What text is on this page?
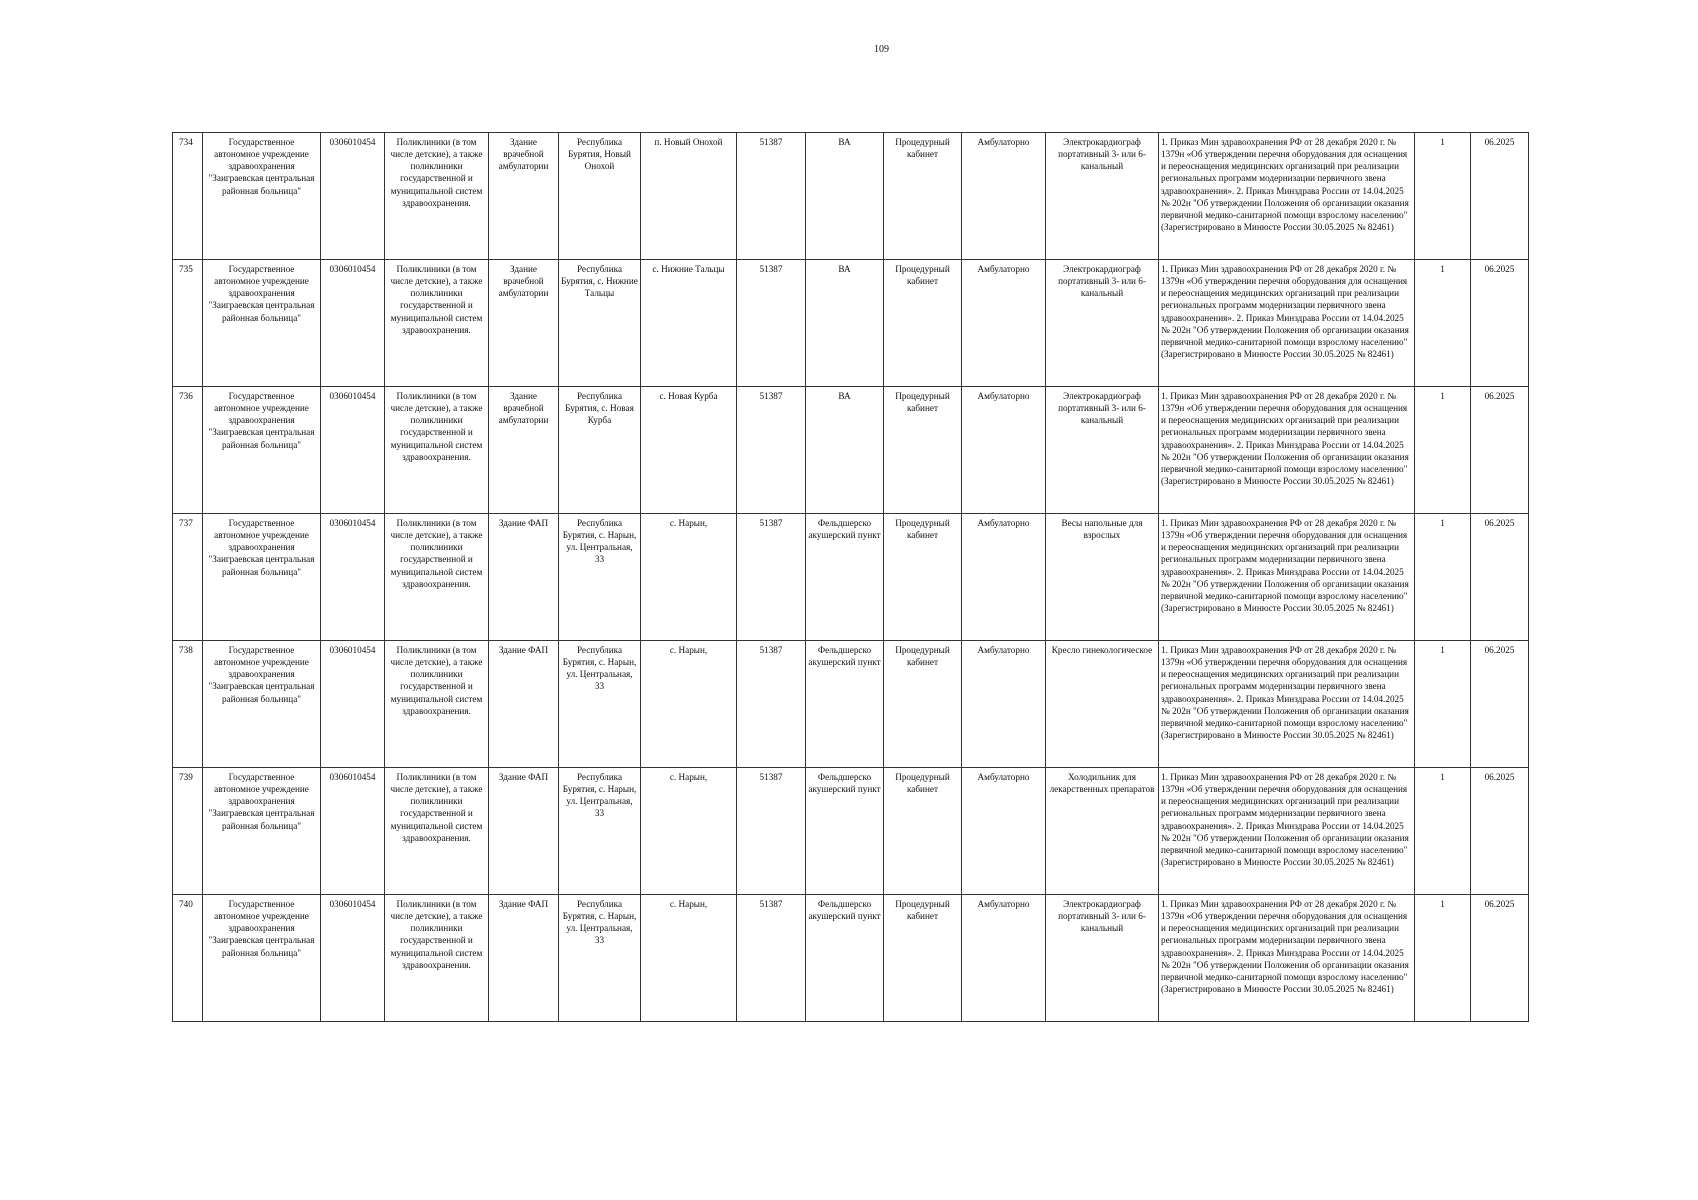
109
734	Государственное автономное учреждение здравоохранения "Заиграевская центральная районная больница"	0306010454	Поликлиники (в том числе детские), а также поликлиники государственной и муниципальной систем здравоохранения.	Здание врачебной амбулатории	Республика Бурятия, Новый Онохой	п. Новый Онохой	51387	ВА	Процедурный кабинет	Амбулаторно	Электрокардиограф портативный 3- или 6-канальный	1. Приказ Мин здравоохранения РФ от 28 декабря 2020 г. № 1379н «Об утверждении перечня оборудования для оснащения и переоснащения медицинских организаций при реализации региональных программ модернизации первичного звена здравоохранения». 2. Приказ Минздрава России от 14.04.2025 № 202н "Об утверждении Положения об организации оказания первичной медико-санитарной помощи взрослому населению" (Зарегистрировано в Минюсте России 30.05.2025 № 82461)	1	06.2025
735	Государственное автономное учреждение здравоохранения "Заиграевская центральная районная больница"	0306010454	Поликлиники (в том числе детские), а также поликлиники государственной и муниципальной систем здравоохранения.	Здание врачебной амбулатории	Республика Бурятия, с. Нижние Тальцы	с. Нижние Тальцы	51387	ВА	Процедурный кабинет	Амбулаторно	Электрокардиограф портативный 3- или 6-канальный	1. Приказ Мин здравоохранения РФ от 28 декабря 2020 г. № 1379н «Об утверждении перечня оборудования для оснащения и переоснащения медицинских организаций при реализации региональных программ модернизации первичного звена здравоохранения». 2. Приказ Минздрава России от 14.04.2025 № 202н "Об утверждении Положения об организации оказания первичной медико-санитарной помощи взрослому населению" (Зарегистрировано в Минюсте России 30.05.2025 № 82461)	1	06.2025
736	Государственное автономное учреждение здравоохранения "Заиграевская центральная районная больница"	0306010454	Поликлиники (в том числе детские), а также поликлиники государственной и муниципальной систем здравоохранения.	Здание врачебной амбулатории	Республика Бурятия, с. Новая Курба	с. Новая Курба	51387	ВА	Процедурный кабинет	Амбулаторно	Электрокардиограф портативный 3- или 6-канальный	1. Приказ Мин здравоохранения РФ от 28 декабря 2020 г. № 1379н «Об утверждении перечня оборудования для оснащения и переоснащения медицинских организаций при реализации региональных программ модернизации первичного звена здравоохранения». 2. Приказ Минздрава России от 14.04.2025 № 202н "Об утверждении Положения об организации оказания первичной медико-санитарной помощи взрослому населению" (Зарегистрировано в Минюсте России 30.05.2025 № 82461)	1	06.2025
737	Государственное автономное учреждение здравоохранения "Заиграевская центральная районная больница"	0306010454	Поликлиники (в том числе детские), а также поликлиники государственной и муниципальной систем здравоохранения.	Здание ФАП	Республика Бурятия, с. Нарын, ул. Центральная, 33	с. Нарын,	51387	Фельдшерско акушерский пункт	Процедурный кабинет	Амбулаторно	Весы напольные для взрослых	1. Приказ Мин здравоохранения РФ от 28 декабря 2020 г. № 1379н «Об утверждении перечня оборудования для оснащения и переоснащения медицинских организаций при реализации региональных программ модернизации первичного звена здравоохранения». 2. Приказ Минздрава России от 14.04.2025 № 202н "Об утверждении Положения об организации оказания первичной медико-санитарной помощи взрослому населению" (Зарегистрировано в Минюсте России 30.05.2025 № 82461)	1	06.2025
738	Государственное автономное учреждение здравоохранения "Заиграевская центральная районная больница"	0306010454	Поликлиники (в том числе детские), а также поликлиники государственной и муниципальной систем здравоохранения.	Здание ФАП	Республика Бурятия, с. Нарын, ул. Центральная, 33	с. Нарын,	51387	Фельдшерско акушерский пункт	Процедурный кабинет	Амбулаторно	Кресло гинекологическое	1. Приказ Мин здравоохранения РФ от 28 декабря 2020 г. № 1379н «Об утверждении перечня оборудования для оснащения и переоснащения медицинских организаций при реализации региональных программ модернизации первичного звена здравоохранения». 2. Приказ Минздрава России от 14.04.2025 № 202н "Об утверждении Положения об организации оказания первичной медико-санитарной помощи взрослому населению" (Зарегистрировано в Минюсте России 30.05.2025 № 82461)	1	06.2025
739	Государственное автономное учреждение здравоохранения "Заиграевская центральная районная больница"	0306010454	Поликлиники (в том числе детские), а также поликлиники государственной и муниципальной систем здравоохранения.	Здание ФАП	Республика Бурятия, с. Нарын, ул. Центральная, 33	с. Нарын,	51387	Фельдшерско акушерский пункт	Процедурный кабинет	Амбулаторно	Холодильник для лекарственных препаратов	1. Приказ Мин здравоохранения РФ от 28 декабря 2020 г. № 1379н «Об утверждении перечня оборудования для оснащения и переоснащения медицинских организаций при реализации региональных программ модернизации первичного звена здравоохранения». 2. Приказ Минздрава России от 14.04.2025 № 202н "Об утверждении Положения об организации оказания первичной медико-санитарной помощи взрослому населению" (Зарегистрировано в Минюсте России 30.05.2025 № 82461)	1	06.2025
740	Государственное автономное учреждение здравоохранения "Заиграевская центральная районная больница"	0306010454	Поликлиники (в том числе детские), а также поликлиники государственной и муниципальной систем здравоохранения.	Здание ФАП	Республика Бурятия, с. Нарын, ул. Центральная, 33	с. Нарын,	51387	Фельдшерско акушерский пункт	Процедурный кабинет	Амбулаторно	Электрокардиограф портативный 3- или 6-канальный	1. Приказ Мин здравоохранения РФ от 28 декабря 2020 г. № 1379н «Об утверждении перечня оборудования для оснащения и переоснащения медицинских организаций при реализации региональных программ модернизации первичного звена здравоохранения». 2. Приказ Минздрава России от 14.04.2025 № 202н "Об утверждении Положения об организации оказания первичной медико-санитарной помощи взрослому населению" (Зарегистрировано в Минюсте России 30.05.2025 № 82461)	1	06.2025
